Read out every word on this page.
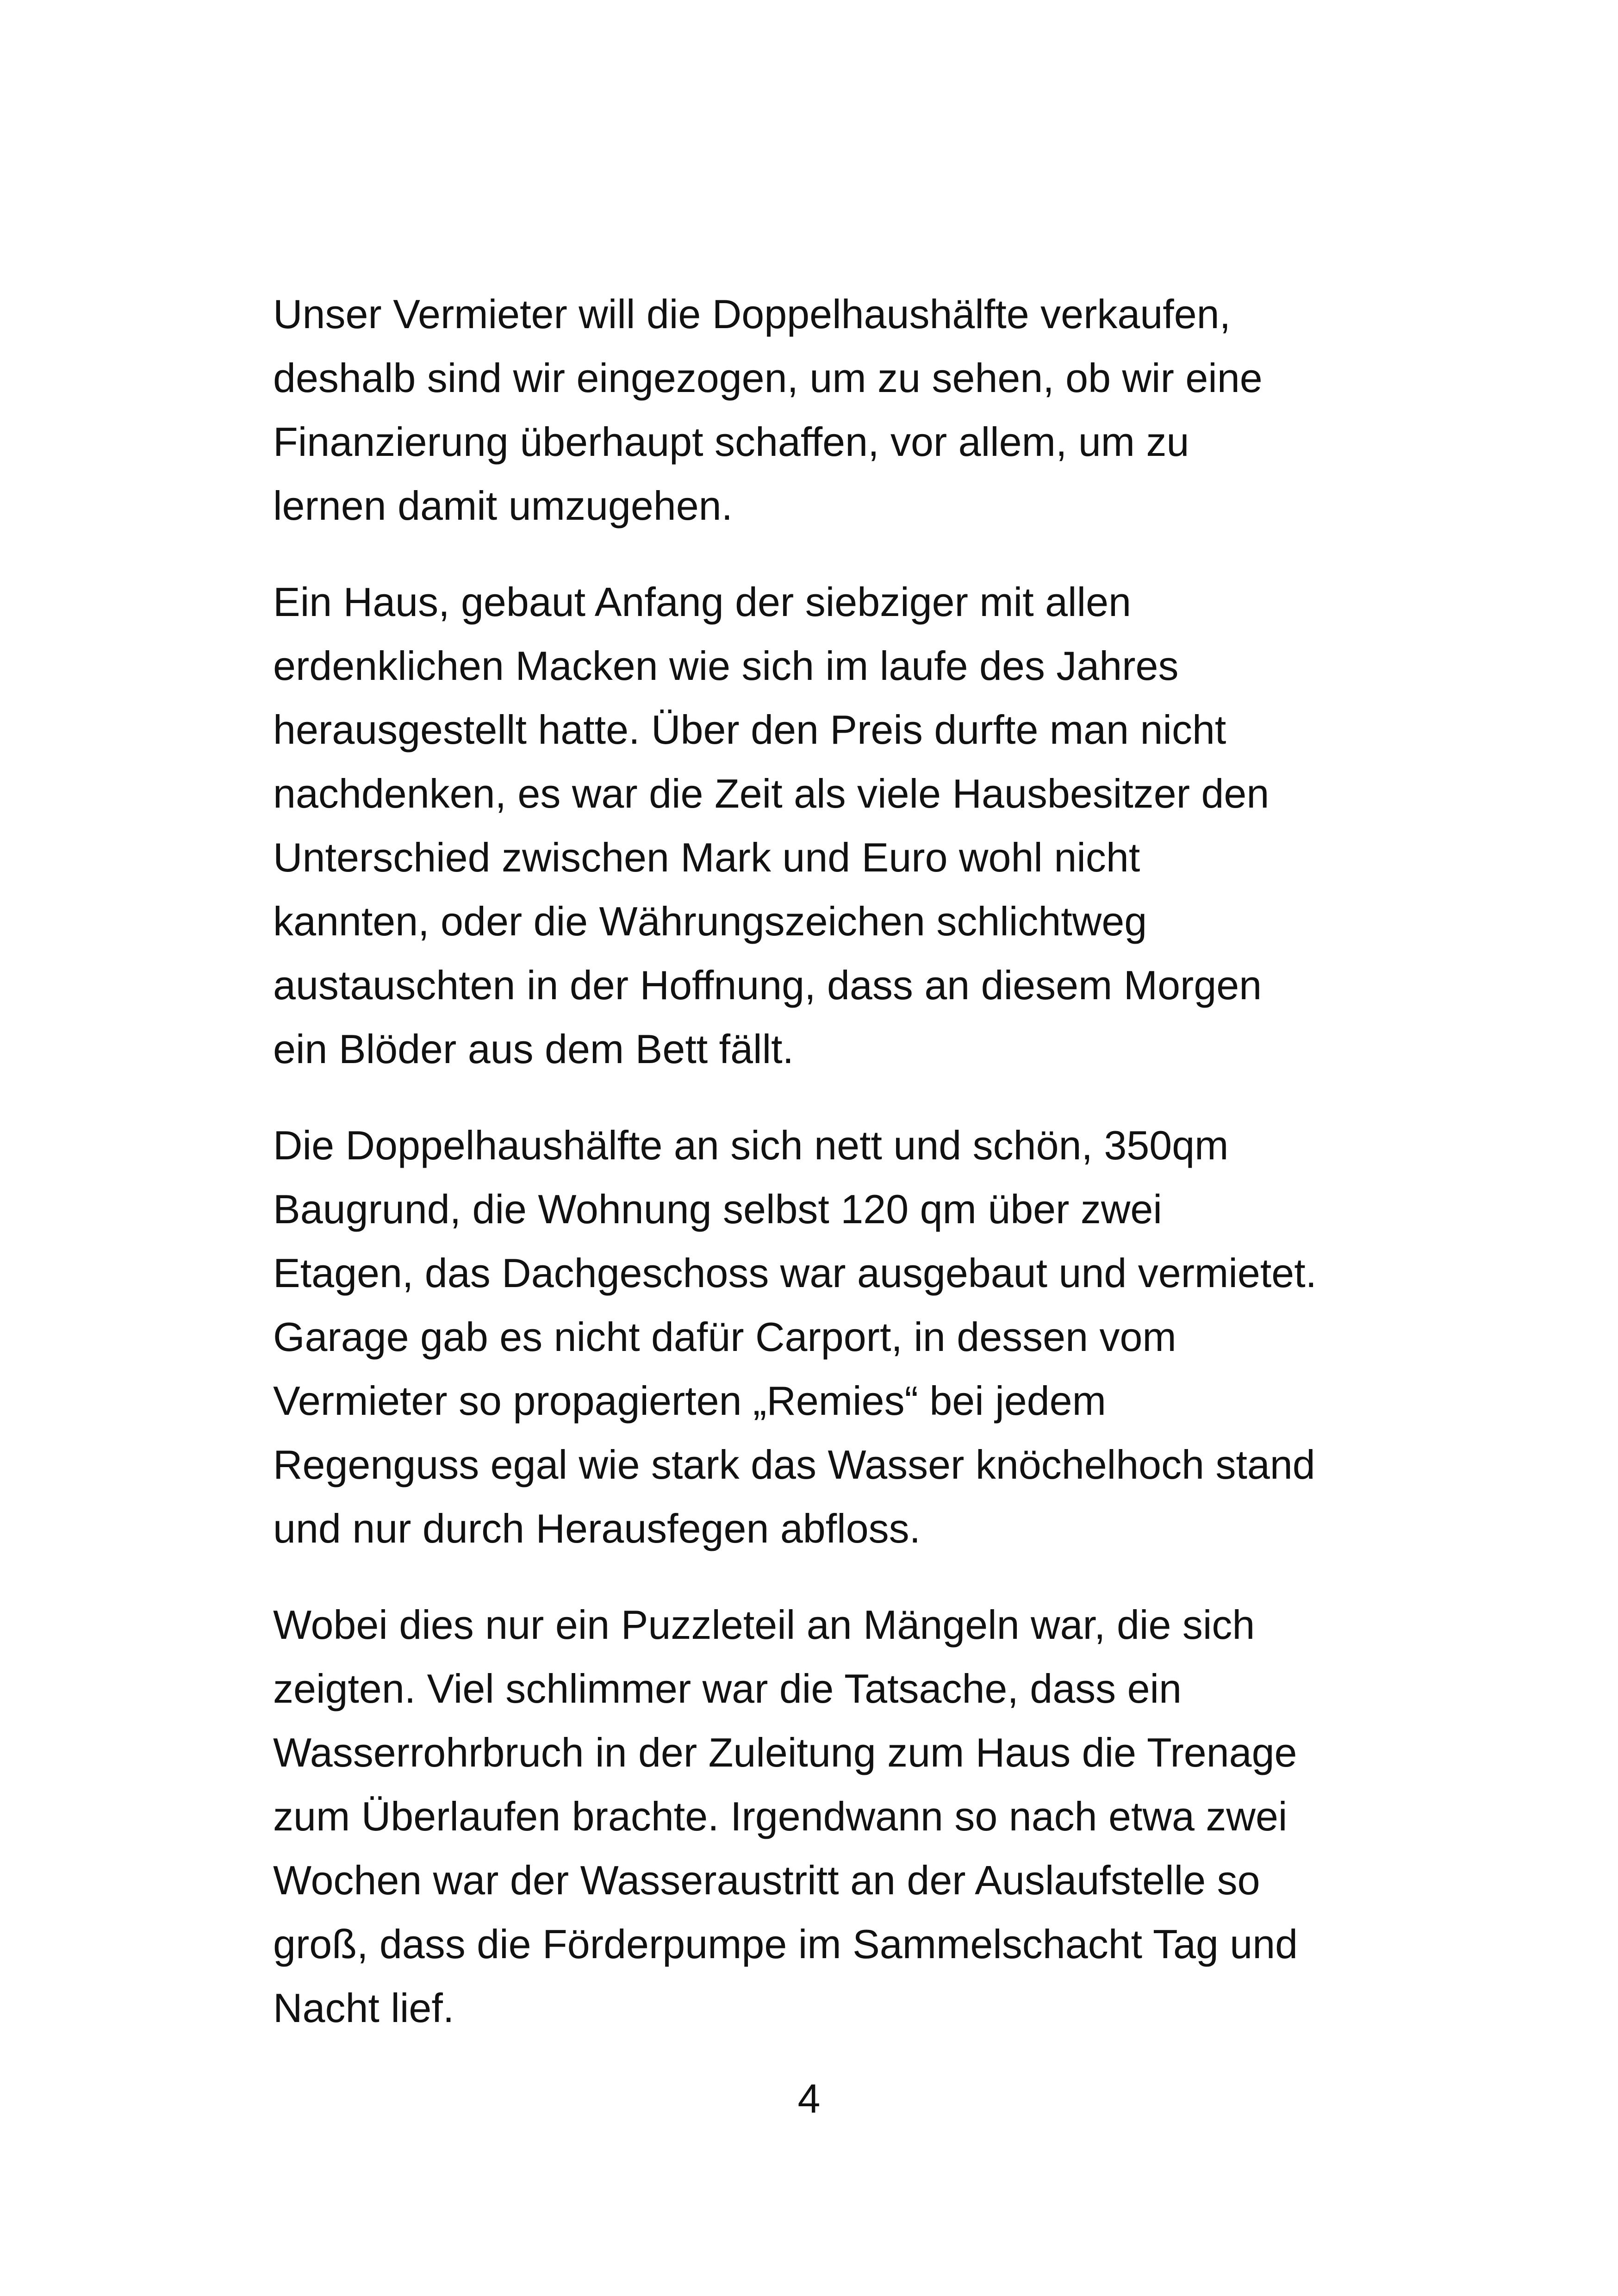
Unser Vermieter will die Doppelhaushälfte verkaufen,
deshalb sind wir eingezogen, um zu sehen, ob wir eine
Finanzierung überhaupt schaffen, vor allem, um zu
lernen damit umzugehen.

Ein Haus, gebaut Anfang der siebziger mit allen
erdenklichen Macken wie sich im laufe des Jahres
herausgestellt hatte. Über den Preis durfte man nicht
nachdenken, es war die Zeit als viele Hausbesitzer den
Unterschied zwischen Mark und Euro wohl nicht
kannten, oder die Währungszeichen schlichtweg
austauschten in der Hoffnung, dass an diesem Morgen
ein Blöder aus dem Bett fällt.

Die Doppelhaushälfte an sich nett und schön, 350qm
Baugrund, die Wohnung selbst 120 qm über zwei
Etagen, das Dachgeschoss war ausgebaut und vermietet.
Garage gab es nicht dafür Carport, in dessen vom
Vermieter so propagierten „Remies“ bei jedem
Regenguss egal wie stark das Wasser knöchelhoch stand
und nur durch Herausfegen abfloss.

Wobei dies nur ein Puzzleteil an Mängeln war, die sich
zeigten. Viel schlimmer war die Tatsache, dass ein
Wasserrohrbruch in der Zuleitung zum Haus die Trenage
zum Überlaufen brachte. Irgendwann so nach etwa zwei
Wochen war der Wasseraustritt an der Auslaufstelle so
groß, dass die Förderpumpe im Sammelschacht Tag und
Nacht lief.

4
